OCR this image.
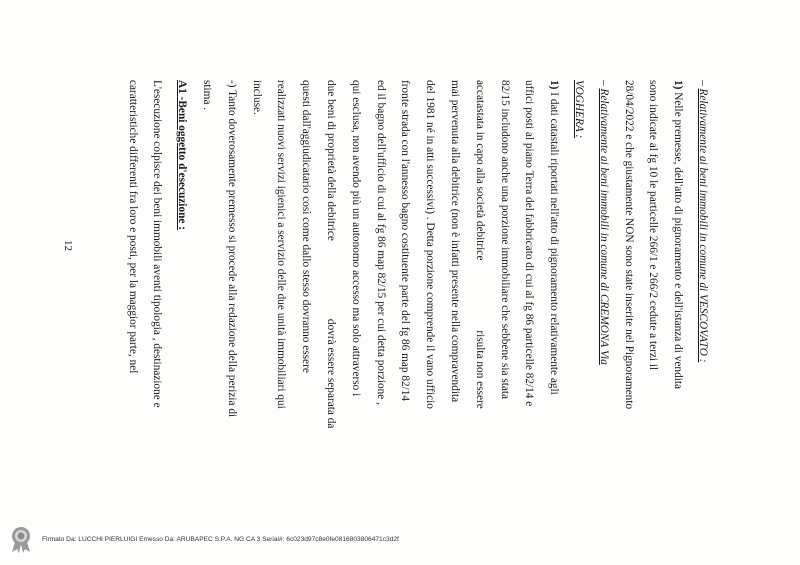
– Relativamente ai beni immobili in comune di VESCOVATO :
1) Nelle premesse, dell'atto di pignoramento e dell'istanza di vendita
sono indicate al fg 10 le particelle 266/1 e 266/2 cedute a terzi il
28/04/2022 e che giustamente NON sono state inserite nel Pignoramento
– Relativamente ai beni immobili in comune di CREMONA Via
VOGHERA :
1) I dati catastali riportati nell'atto di pignoramento relativamente agli
uffici posti al piano Terra del fabbricato di cui al fg 86 particelle 82/14 e
82/15 includono anche una porzione immobiliare che sebbene sia stata
accatastata in capo alla società debitricerisulta non essere
mai pervenuta alla debitrice (non è infatti presente nella compravendita
del 1981 né in atti successivi) . Detta porzione comprende il vano ufficio
fronte strada con l'annesso bagno costituente parte del fg 86 map 82/14
ed il bagno dell'ufficio di cui al fg 86 map 82/15 per cui detta porzione ,
qui esclusa, non avendo più un autonomo accesso ma solo attraverso i
due beni di proprietà della debitricedovrà essere separata da
questi dall'aggiudicatario così come dallo stesso dovranno essere
realizzati nuovi servizi igienici a servizio delle due unità immobiliari qui
incluse.
-) Tanto doverosamente premesso si procede alla redazione della perizia di
stima .
A1 -Beni oggetto d'esecuzione :
L'esecuzione colpisce dei beni immobili aventi tipologia , destinazione e
caratteristiche differenti fra loro e posti, per la maggior parte, nel
12
Firmato Da: LUCCHI PIERLUIGI Emesso Da: ARUBAPEC S.P.A. NG CA 3 Serial#: 6c023d97c8e0fe0816803806471c3d2f
